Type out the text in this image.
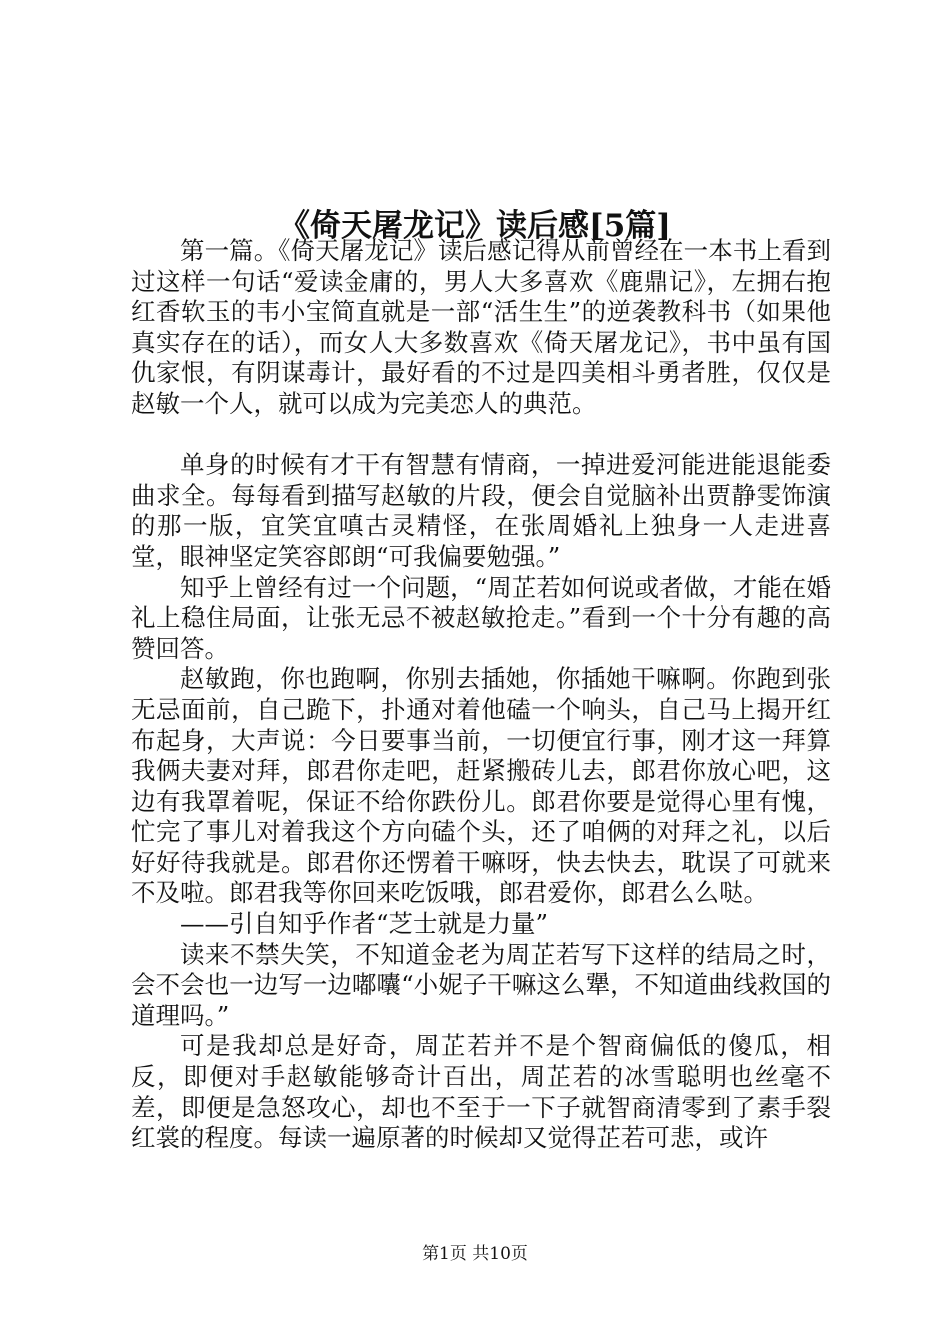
《倚天屠龙记》读后感[5篇]

第一篇。《倚天屠龙记》读后感记得从前曾经在一本书上看到过这样一句话“爱读金庸的，男人大多喜欢《鹿鼎记》，左拥右抱红香软玉的韦小宝简直就是一部“活生生”的逆袭教科书（如果他真实存在的话），而女人大多数喜欢《倚天屠龙记》，书中虽有国仇家恨，有阴谋毒计，最好看的不过是四美相斗勇者胜，仅仅是赵敏一个人，就可以成为完美恋人的典范。

单身的时候有才干有智慧有情商，一掉进爱河能进能退能委曲求全。每每看到描写赵敏的片段，便会自觉脑补出贾静雯饰演的那一版，宜笑宜嗔古灵精怪，在张周婚礼上独身一人走进喜堂，眼神坚定笑容郎朗“可我偏要勉强。”

知乎上曾经有过一个问题，“周芷若如何说或者做，才能在婚礼上稳住局面，让张无忌不被赵敏抢走。”看到一个十分有趣的高赞回答。

赵敏跑，你也跑啊，你别去插她，你插她干嘛啊。你跑到张无忌面前，自己跪下，扑通对着他磕一个响头，自己马上揭开红布起身，大声说：今日要事当前，一切便宜行事，刚才这一拜算我俩夫妻对拜，郎君你走吧，赶紧搬砖儿去，郎君你放心吧，这边有我罩着呢，保证不给你跌份儿。郎君你要是觉得心里有愧，忙完了事儿对着我这个方向磕个头，还了咱俩的对拜之礼，以后好好待我就是。郎君你还愣着干嘛呀，快去快去，耽误了可就来不及啦。郎君我等你回来吃饭哦，郎君爱你，郎君么么哒。

——引自知乎作者“芝士就是力量”

读来不禁失笑，不知道金老为周芷若写下这样的结局之时，会不会也一边写一边嘟囔“小妮子干嘛这么犟，不知道曲线救国的道理吗。”

可是我却总是好奇，周芷若并不是个智商偏低的傻瓜，相反，即便对手赵敏能够奇计百出，周芷若的冰雪聪明也丝毫不差，即便是急怒攻心，却也不至于一下子就智商清零到了素手裂红裳的程度。每读一遍原著的时候却又觉得芷若可悲，或许

第1页 共10页
